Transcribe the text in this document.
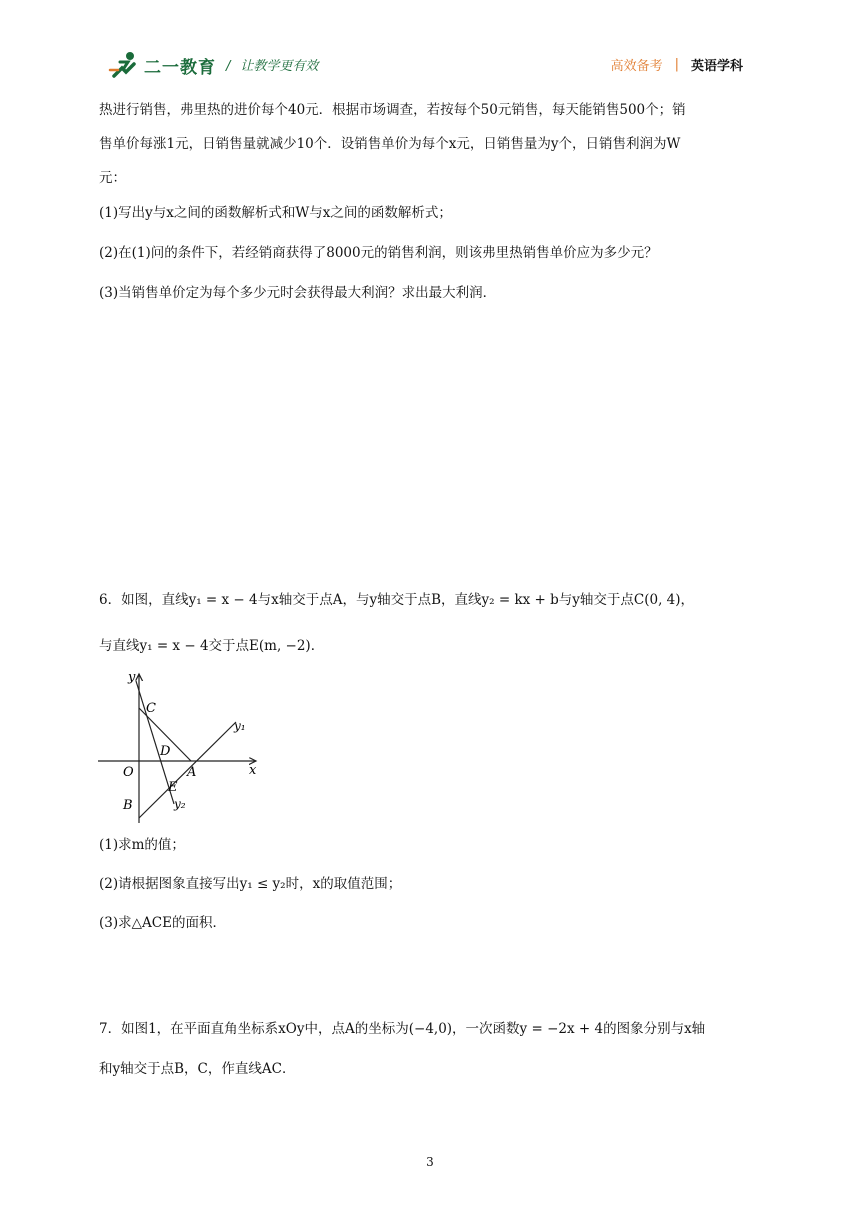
二一教育 / 让教学更有效	高效备考 | 英语学科
热进行销售，弗里热的进价每个40元．根据市场调查，若按每个50元销售，每天能销售500个；销
售单价每涨1元，日销售量就减少10个．设销售单价为每个x元，日销售量为y个，日销售利润为W
元：
(1)写出y与x之间的函数解析式和W与x之间的函数解析式；
(2)在(1)问的条件下，若经销商获得了8000元的销售利润，则该弗里热销售单价应为多少元？
(3)当销售单价定为每个多少元时会获得最大利润？求出最大利润．
6．如图，直线y₁ = x − 4与x轴交于点A，与y轴交于点B，直线y₂ = kx + b与y轴交于点C(0, 4)，
与直线y₁ = x − 4交于点E(m, −2)．
y
x
C
D
O	A
E
B
y₁
y₂
(1)求m的值；
(2)请根据图象直接写出y₁ ≤ y₂时，x的取值范围；
(3)求△ACE的面积．
7．如图1，在平面直角坐标系xOy中，点A的坐标为(−4,0)，一次函数y = −2x + 4的图象分别与x轴
和y轴交于点B，C，作直线AC．
3
